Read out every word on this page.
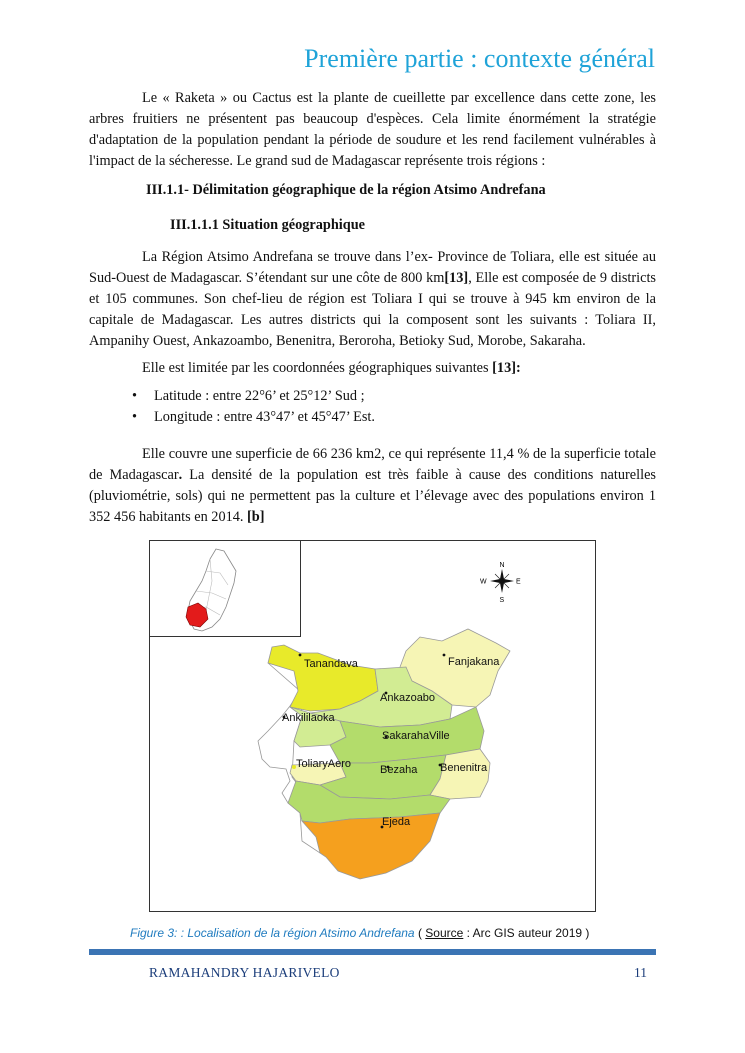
Première partie : contexte général

Le « Raketa » ou Cactus est la plante de cueillette par excellence dans cette zone, les arbres fruitiers ne présentent pas beaucoup d'espèces. Cela limite énormément la stratégie d'adaptation de la population pendant la période de soudure et les rend facilement vulnérables à l'impact de la sécheresse. Le grand sud de Madagascar représente trois régions :

III.1.1- Délimitation géographique de la région Atsimo Andrefana
III.1.1.1 Situation géographique

La Région Atsimo Andrefana se trouve dans l’ex- Province de Toliara, elle est située au Sud-Ouest de Madagascar. S’étendant sur une côte de 800 km[13], Elle est composée de 9 districts et 105 communes. Son chef-lieu de région est Toliara I qui se trouve à 945 km environ de la capitale de Madagascar. Les autres districts qui la composent sont les suivants : Toliara II, Ampanihy Ouest, Ankazoambo, Benenitra, Beroroha, Betioky Sud, Morobe, Sakaraha.

Elle est limitée par les coordonnées géographiques suivantes [13]:

• Latitude : entre 22°6’ et 25°12’ Sud ;
• Longitude : entre 43°47’ et 45°47’ Est.

Elle couvre une superficie de 66 236 km2, ce qui représente 11,4 % de la superficie totale de Madagascar. La densité de la population est très faible à cause des conditions naturelles (pluviométrie, sols) qui ne permettent pas la culture et l’élevage avec des populations environ 1 352 456 habitants en 2014. [b]

Tanandava	Fanjakana
Ankazoabo
Ankililaoka
SakarahaVille
ToliaryAero	Bezaha Benenitra
Ejeda
N
S
E
W
Figure 3: : Localisation de la région Atsimo Andrefana ( Source : Arc GIS auteur 2019 )
RAMAHANDRY HAJARIVELO	11
